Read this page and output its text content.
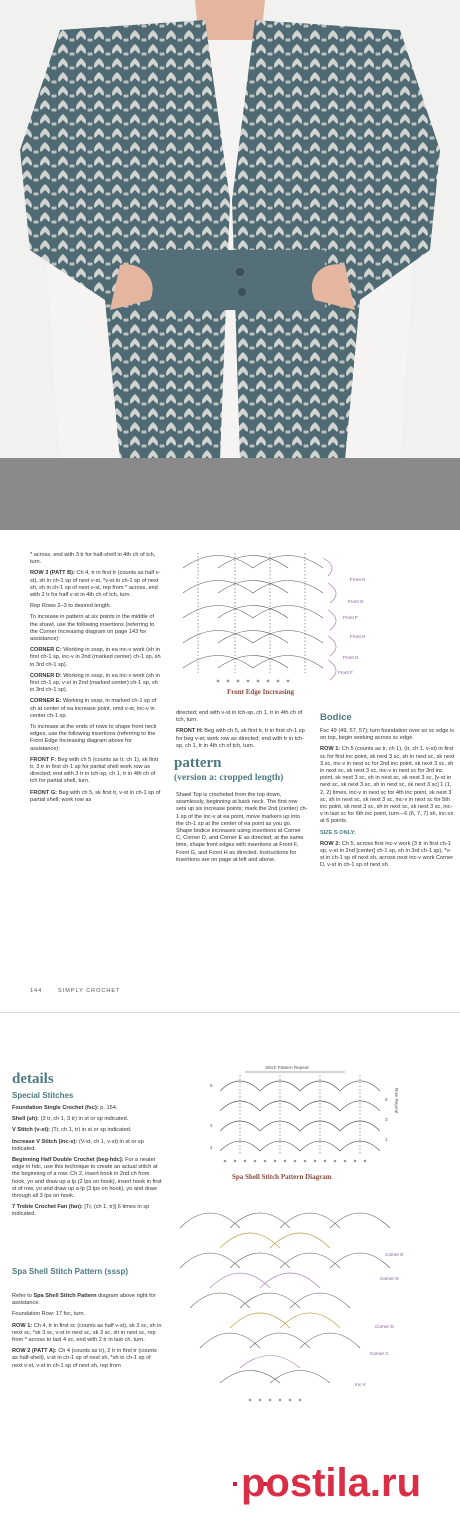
* across, end with 3 tr for half-shell in 4th ch of tch, turn.

ROW 3 (PATT B): Ch 4, tr in first tr (counts as half v-st), sh in ch-1 sp of next v-st, *v-st in ch-1 sp of next sh, sh in ch-1 sp of next v-st, rep from * across, end with 2 tr for half v-st in 4th ch of tch, turn.

Rep Rows 2–3 to desired length.

To increase in pattern at six points in the middle of the shawl, use the following insertions (referring to the Corner Increasing diagram on page 143 for assistance):

CORNER C: Working in sssp, in ea inc-v work (sh in first ch-1 sp, inc-v in 2nd (marked center) ch-1 sp, sh in 3rd ch-1 sp).

CORNER D: Working in sssp, in ea inc-v work (sh in first ch-1 sp, v-st in 2nd (marked center) ch-1 sp, sh in 3rd ch-1 sp).

CORNER E: Working in sssp, in marked ch-1 sp of sh at center of ea increase point, omit v-st, inc-v in center ch-1 sp.

To increase at the ends of rows to shape front neck edges, use the following insertions (referring to the Front Edge Increasing diagram above for assistance):

FRONT F: Beg with ch 5 (counts as tr, ch 1), sk first tr, 3 tr in first ch-1 sp for partial shell work row as directed; end with 3 tr in tch-sp, ch 1, tr in 4th ch of tch for partial shell, turn.

FRONT G: Beg with ch 5, sk first tr, v-st in ch-1 sp of partial shell; work row as

Front H
Front G
Front F
Front H
Front G
Front F
Front Edge Increasing

directed; end with v-st in tch-sp, ch 1, tr in 4th ch of tch, turn.

FRONT H: Beg with ch 5, sk first tr, tr in first ch-1 sp for beg v-st; work row as directed; end with tr in tch-sp, ch 1, tr in 4th ch of tch, turn.

pattern
(version a: cropped length)

Shawl Top is crocheted from the top down, seamlessly, beginning at back neck. The first row sets up six increase points; mark the 2nd (center) ch-1 sp of the inc-v at ea point, move markers up into the ch-1 sp at the center of ea point as you go. Shape bodice increases using insertions at Corner C, Corner D, and Corner E as directed; at the same time, shape front edges with insertions at Front F, Front G, and Front H as directed. Instructions for insertions are on page at left and above.

Bodice

Fsc 49 (49, 57, 57); turn foundation over so sc edge is on top, begin working across sc edge.

ROW 1: Ch 5 (counts as tr, ch 1), (tr, ch 1, v-st) in first sc for first inc point, sk next 3 sc, sh in next sc, sk next 3 sc, inc-v in next sc for 2nd inc point, sk next 3 sc, sh in next sc, sk next 3 sc, inc-v in next sc for 3rd inc point, sk next 3 sc, sh in next sc, sk next 3 sc, [v-st in next sc, sk next 3 sc, sh in next sc, sk next 3 sc] 1 (1, 2, 2) times, inc-v in next sc for 4th inc point, sk next 3 sc, sh in next sc, sk next 3 sc, inc-v in next sc for 5th inc point, sk next 3 sc, sh in next sc, sk next 3 sc, inc-v in last sc for 6th inc point, turn—6 (6, 7, 7) sh, inc-vs at 6 points.

SIZE S ONLY:

ROW 2: Ch 5, across first inc-v work (3 tr in first ch-1 sp, v-st in 2nd [center] ch-1 sp, sh in 3rd ch-1 sp), *v-st in ch-1 sp of next sh, across next inc-v work Corner D, v-st in ch-1 sp of next sh.

144	SIMPLY CROCHET
details
Special Stitches

Foundation Single Crochet (fsc): p. 154.

Shell (sh): (3 tr, ch 1, 3 tr) in st or sp indicated.

V Stitch (v-st): (Tr, ch 1, tr) in st or sp indicated.

Increase V Stitch (inc-v): (V-st, ch 1, v-st) in st or sp indicated.

Beginning Half Double Crochet (beg-hdc): For a neater edge in hdc, use this technique to create an actual stitch at the beginning of a row: Ch 2, insert hook in 2nd ch from hook, yo and draw up a lp (2 lps on hook), insert hook in first st of row, yo and draw up a lp (3 lps on hook), yo and draw through all 3 lps on hook.

7 Treble Crochet Fan (fan): [Tr, (ch 1, tr)] 6 times in sp indicated.

Spa Shell Stitch Pattern (sssp)

Refer to Spa Shell Stitch Pattern diagram above right for assistance.

Foundation Row: 17 fsc, turn.

ROW 1: Ch 4, tr in first sc (counts as half v-st), sk 3 sc, sh in next sc, *sk 3 sc, v-st in next sc, sk 3 sc, sh in next sc, rep from * across to last 4 sc, end with 2 tr in last ch, turn.

ROW 2 (PATT A): Ch 4 (counts as tr), 2 tr in first tr (counts as half-shell), v-st in ch-1 sp of next sh, *sh in ch-1 sp of next v-st, v-st in ch-1 sp of next sh, rep from

Stitch Pattern Repeat
6
4
2
5
3
1
Row Repeat
Spa Shell Stitch Pattern Diagram
Corner E
Corner D
Corner D
Corner C
Inc-V
postila.ru
